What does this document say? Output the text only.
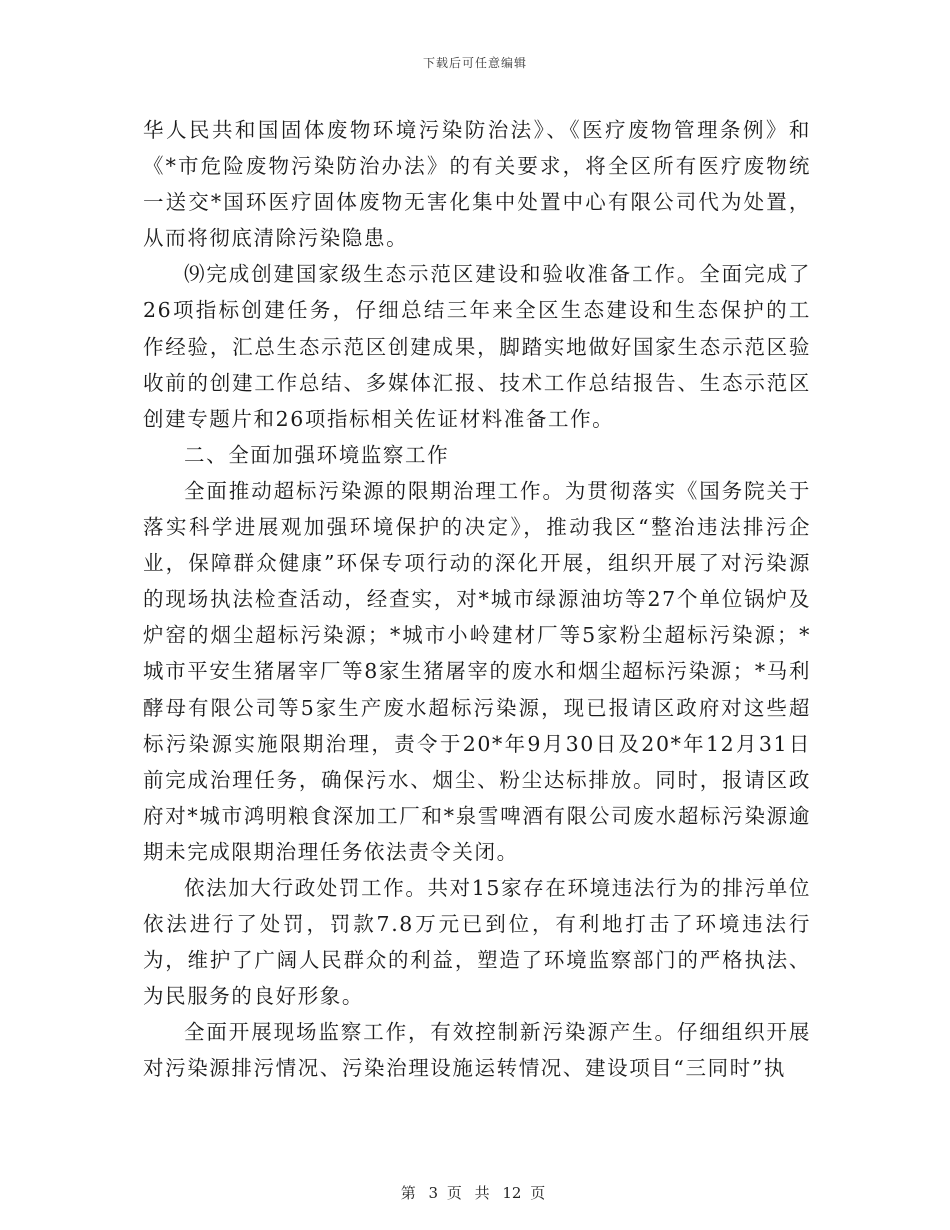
下载后可任意编辑

华人民共和国固体废物环境污染防治法》、《医疗废物管理条例》和《*市危险废物污染防治办法》的有关要求，将全区所有医疗废物统一送交*国环医疗固体废物无害化集中处置中心有限公司代为处置，从而将彻底清除污染隐患。

⑼完成创建国家级生态示范区建设和验收准备工作。全面完成了26项指标创建任务，仔细总结三年来全区生态建设和生态保护的工作经验，汇总生态示范区创建成果，脚踏实地做好国家生态示范区验收前的创建工作总结、多媒体汇报、技术工作总结报告、生态示范区创建专题片和26项指标相关佐证材料准备工作。

二、全面加强环境监察工作

全面推动超标污染源的限期治理工作。为贯彻落实《国务院关于落实科学进展观加强环境保护的决定》，推动我区“整治违法排污企业，保障群众健康”环保专项行动的深化开展，组织开展了对污染源的现场执法检查活动，经查实，对*城市绿源油坊等27个单位锅炉及炉窑的烟尘超标污染源；*城市小岭建材厂等5家粉尘超标污染源；*城市平安生猪屠宰厂等8家生猪屠宰的废水和烟尘超标污染源；*马利酵母有限公司等5家生产废水超标污染源，现已报请区政府对这些超标污染源实施限期治理，责令于20*年9月30日及20*年12月31日前完成治理任务，确保污水、烟尘、粉尘达标排放。同时，报请区政府对*城市鸿明粮食深加工厂和*泉雪啤酒有限公司废水超标污染源逾期未完成限期治理任务依法责令关闭。

依法加大行政处罚工作。共对15家存在环境违法行为的排污单位依法进行了处罚，罚款7.8万元已到位，有利地打击了环境违法行为，维护了广阔人民群众的利益，塑造了环境监察部门的严格执法、为民服务的良好形象。

全面开展现场监察工作，有效控制新污染源产生。仔细组织开展对污染源排污情况、污染治理设施运转情况、建设项目“三同时”执

第 3 页 共 12 页
